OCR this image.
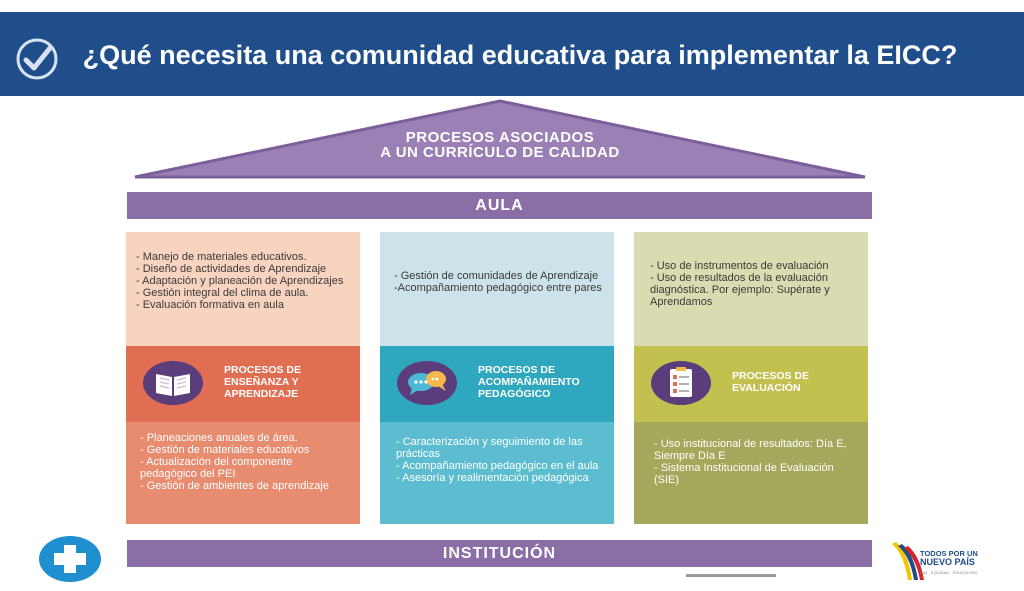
¿Qué necesita una comunidad educativa para implementar la EICC?
PROCESOS ASOCIADOS
A UN CURRÍCULO DE CALIDAD
AULA
- Manejo de materiales educativos.
- Diseño de actividades de Aprendizaje
- Adaptación y planeación de Aprendizajes
- Gestión integral del clima de aula.
- Evaluación formativa en aula
PROCESOS DE ENSEÑANZA Y APRENDIZAJE
- Planeaciones anuales de área.
- Gestión de materiales educativos
- Actualización del componente pedagógico del PEI
- Gestión de ambientes de aprendizaje
- Gestión de comunidades de Aprendizaje
-Acompañamiento pedagógico entre pares
PROCESOS DE ACOMPAÑAMIENTO PEDAGÓGICO
- Caracterización y seguimiento de las prácticas
- Acompañamiento pedagógico en el aula
- Asesoría y realimentación pedagógica
- Uso de instrumentos de evaluación
- Uso de resultados de la evaluación diagnóstica. Por ejemplo: Supérate y Aprendamos
PROCESOS DE EVALUACIÓN
- Uso institucional de resultados: Día E, Siempre Día E
- Sistema Institucional de Evaluación (SIE)
INSTITUCIÓN	TODOS POR UN
NUEVO PAÍS
PAZ · EQUIDAD · EDUCACIÓN
